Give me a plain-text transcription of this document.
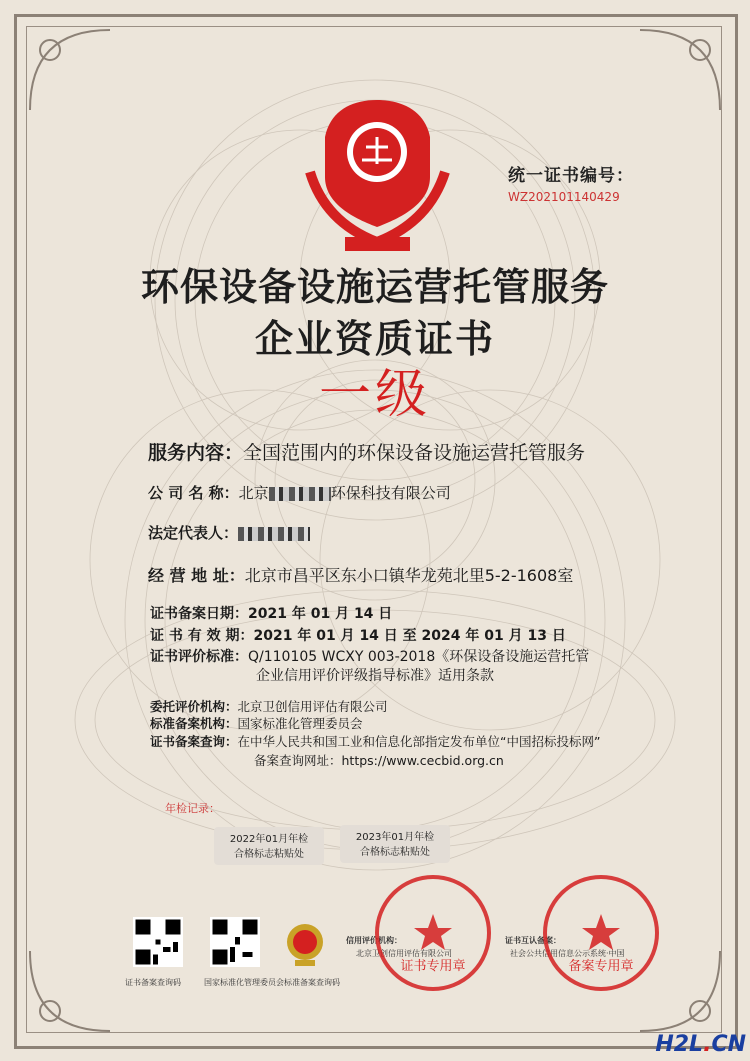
统一证书编号：
WZ202101140429
环保设备设施运营托管服务
企业资质证书
一级
服务内容：全国范围内的环保设备设施运营托管服务
公 司 名 称：北京	环保科技有限公司
法定代表人：
经 营 地 址：北京市昌平区东小口镇华龙苑北里5-2-1608室
证书备案日期：2021 年 01 月 14 日
证 书 有 效 期：2021 年 01 月 14 日 至 2024 年 01 月 13 日
证书评价标准：Q/110105 WCXY 003-2018《环保设备设施运营托管
企业信用评价评级指导标准》适用条款
委托评价机构：北京卫创信用评估有限公司
标准备案机构：国家标准化管理委员会
证书备案查询：在中华人民共和国工业和信息化部指定发布单位“中国招标投标网”
备案查询网址：https://www.cecbid.org.cn
年检记录：
2022年01月年检
合格标志粘贴处
2023年01月年检
合格标志粘贴处
证书备案查询码	国家标准化管理委员会标准备案查询码
信用评价机构：
北京卫创信用评估有限公司
证书互认备案：
社会公共信用信息公示系统·中国
证书专用章	备案专用章
H2L.CN
